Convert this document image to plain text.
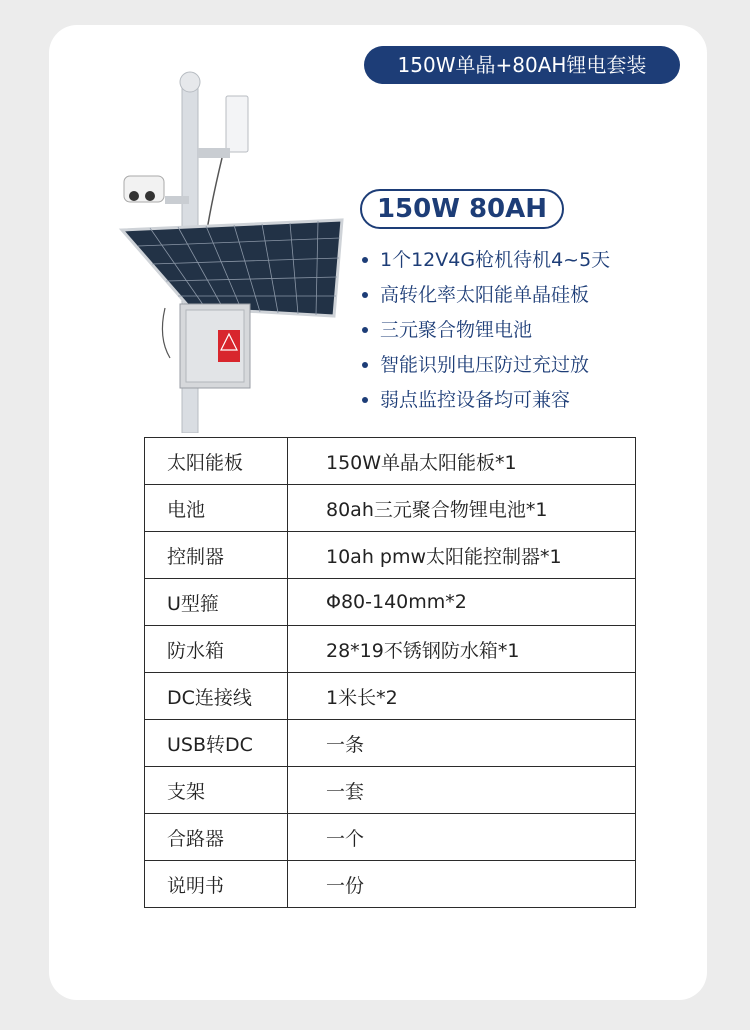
150W单晶+80AH锂电套装
150W 80AH
1个12V4G枪机待机4~5天
高转化率太阳能单晶硅板
三元聚合物锂电池
智能识别电压防过充过放
弱点监控设备均可兼容
太阳能板	150W单晶太阳能板*1
电池	80ah三元聚合物锂电池*1
控制器	10ah pmw太阳能控制器*1
U型箍	Φ80-140mm*2
防水箱	28*19不锈钢防水箱*1
DC连接线	1米长*2
USB转DC	一条
支架	一套
合路器	一个
说明书	一份
